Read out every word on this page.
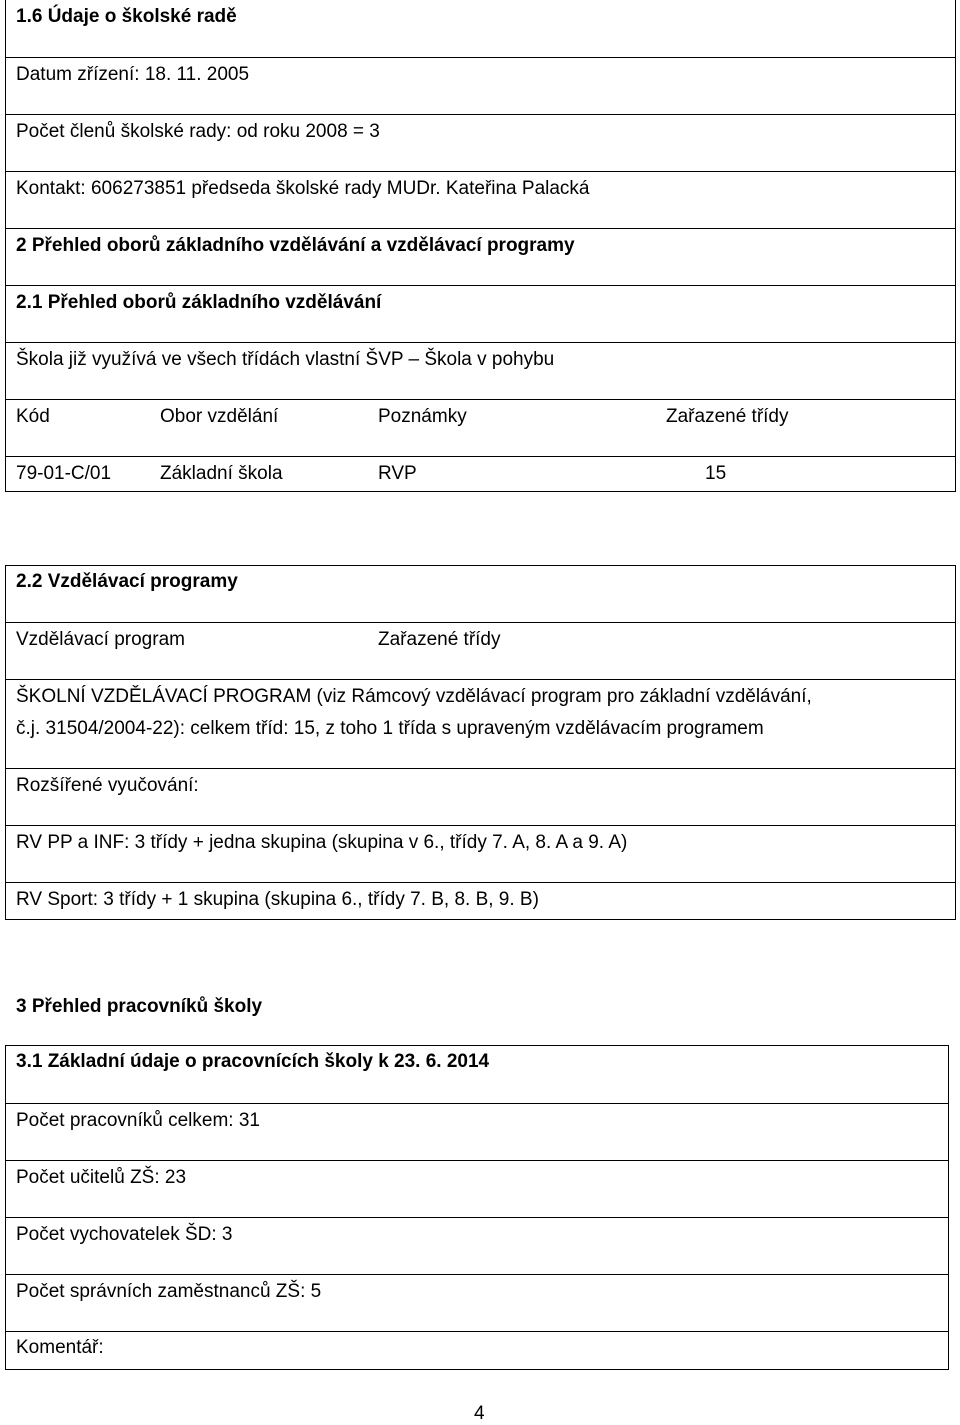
1.6 Údaje o školské radě
Datum zřízení: 18. 11. 2005
Počet členů školské rady: od roku 2008 = 3
Kontakt: 606273851 předseda školské rady MUDr. Kateřina Palacká
2 Přehled oborů základního vzdělávání a vzdělávací programy
2.1 Přehled oborů základního vzdělávání
Škola již využívá ve všech třídách vlastní ŠVP – Škola v pohybu
Kód	Obor vzdělání	Poznámky	Zařazené třídy
79-01-C/01	Základní škola	RVP	15
2.2 Vzdělávací programy
Vzdělávací program	Zařazené třídy
ŠKOLNÍ VZDĚLÁVACÍ PROGRAM (viz Rámcový vzdělávací program pro základní vzdělávání,
č.j. 31504/2004-22): celkem tříd: 15, z toho 1 třída s upraveným vzdělávacím programem
Rozšířené vyučování:
RV PP a INF: 3 třídy + jedna skupina (skupina v 6., třídy 7. A, 8. A a 9. A)
RV Sport: 3 třídy + 1 skupina (skupina 6., třídy 7. B, 8. B, 9. B)
3 Přehled pracovníků školy
3.1 Základní údaje o pracovnících školy k 23. 6. 2014
Počet pracovníků celkem: 31
Počet učitelů ZŠ: 23
Počet vychovatelek ŠD: 3
Počet správních zaměstnanců ZŠ: 5
Komentář:
4
